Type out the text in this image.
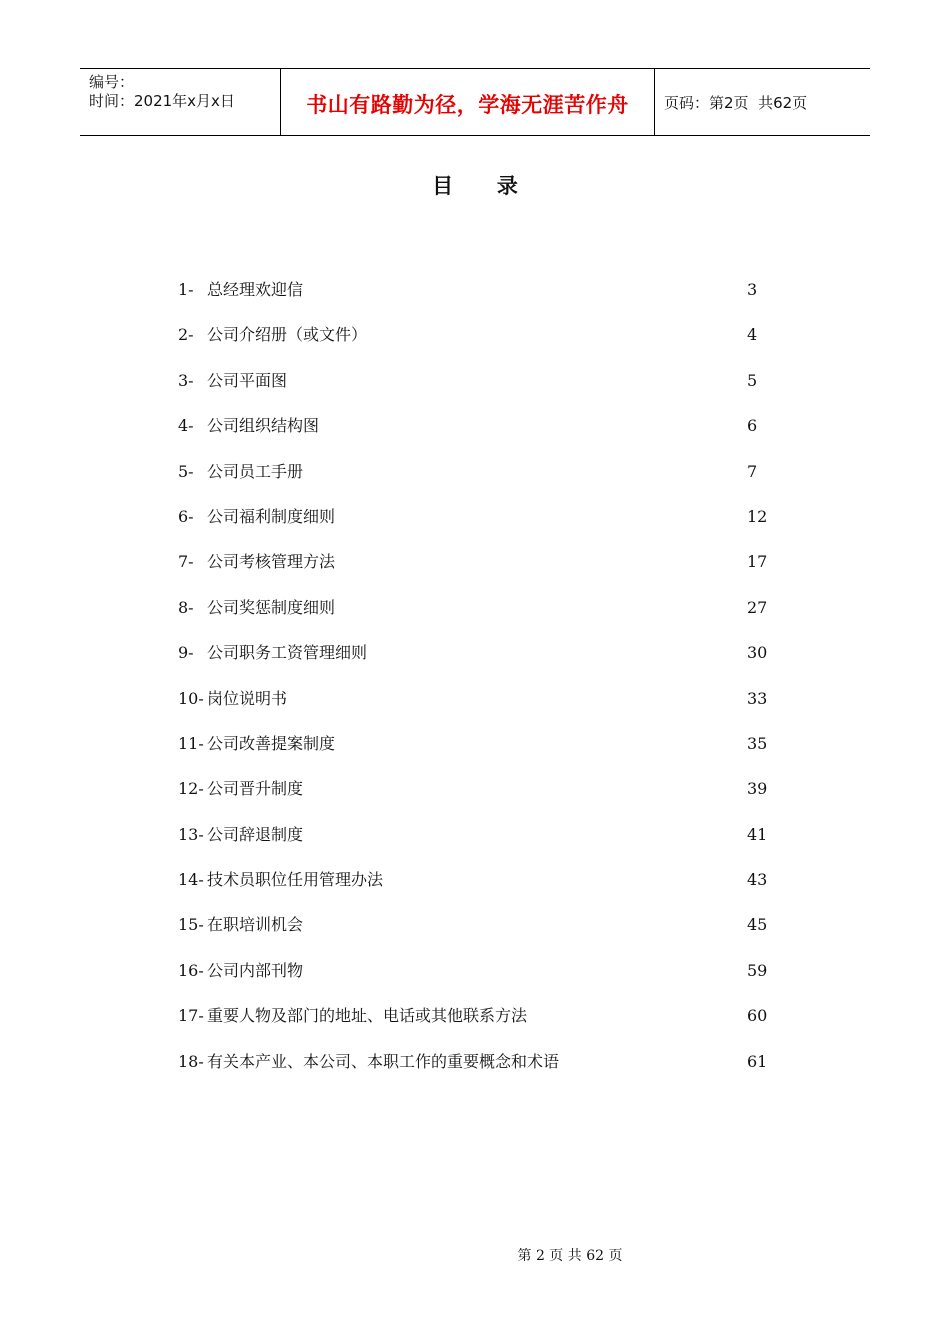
编号：
时间：2021年x月x日	书山有路勤为径，学海无涯苦作舟 页码：第2页  共62页
目      录
1- 总经理欢迎信	3
2- 公司介绍册（或文件）	4
3- 公司平面图	5
4- 公司组织结构图	6
5- 公司员工手册	7
6- 公司福利制度细则	12
7- 公司考核管理方法	17
8- 公司奖惩制度细则	27
9- 公司职务工资管理细则	30
10- 岗位说明书	33
11- 公司改善提案制度	35
12- 公司晋升制度	39
13- 公司辞退制度	41
14- 技术员职位任用管理办法	43
15- 在职培训机会	45
16- 公司内部刊物	59
17- 重要人物及部门的地址、电话或其他联系方法	60
18- 有关本产业、本公司、本职工作的重要概念和术语	61
第 2 页 共 62 页
